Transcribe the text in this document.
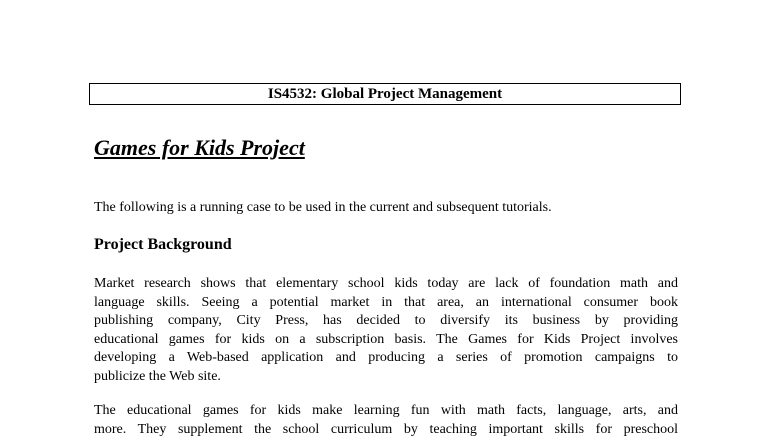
IS4532: Global Project Management
Games for Kids Project
The following is a running case to be used in the current and subsequent tutorials.
Project Background
Market research shows that elementary school kids today are lack of foundation math and
language skills. Seeing a potential market in that area, an international consumer book
publishing company, City Press, has decided to diversify its business by providing
educational games for kids on a subscription basis. The Games for Kids Project involves
developing a Web-based application and producing a series of promotion campaigns to
publicize the Web site.
The educational games for kids make learning fun with math facts, language, arts, and
more. They supplement the school curriculum by teaching important skills for preschool
